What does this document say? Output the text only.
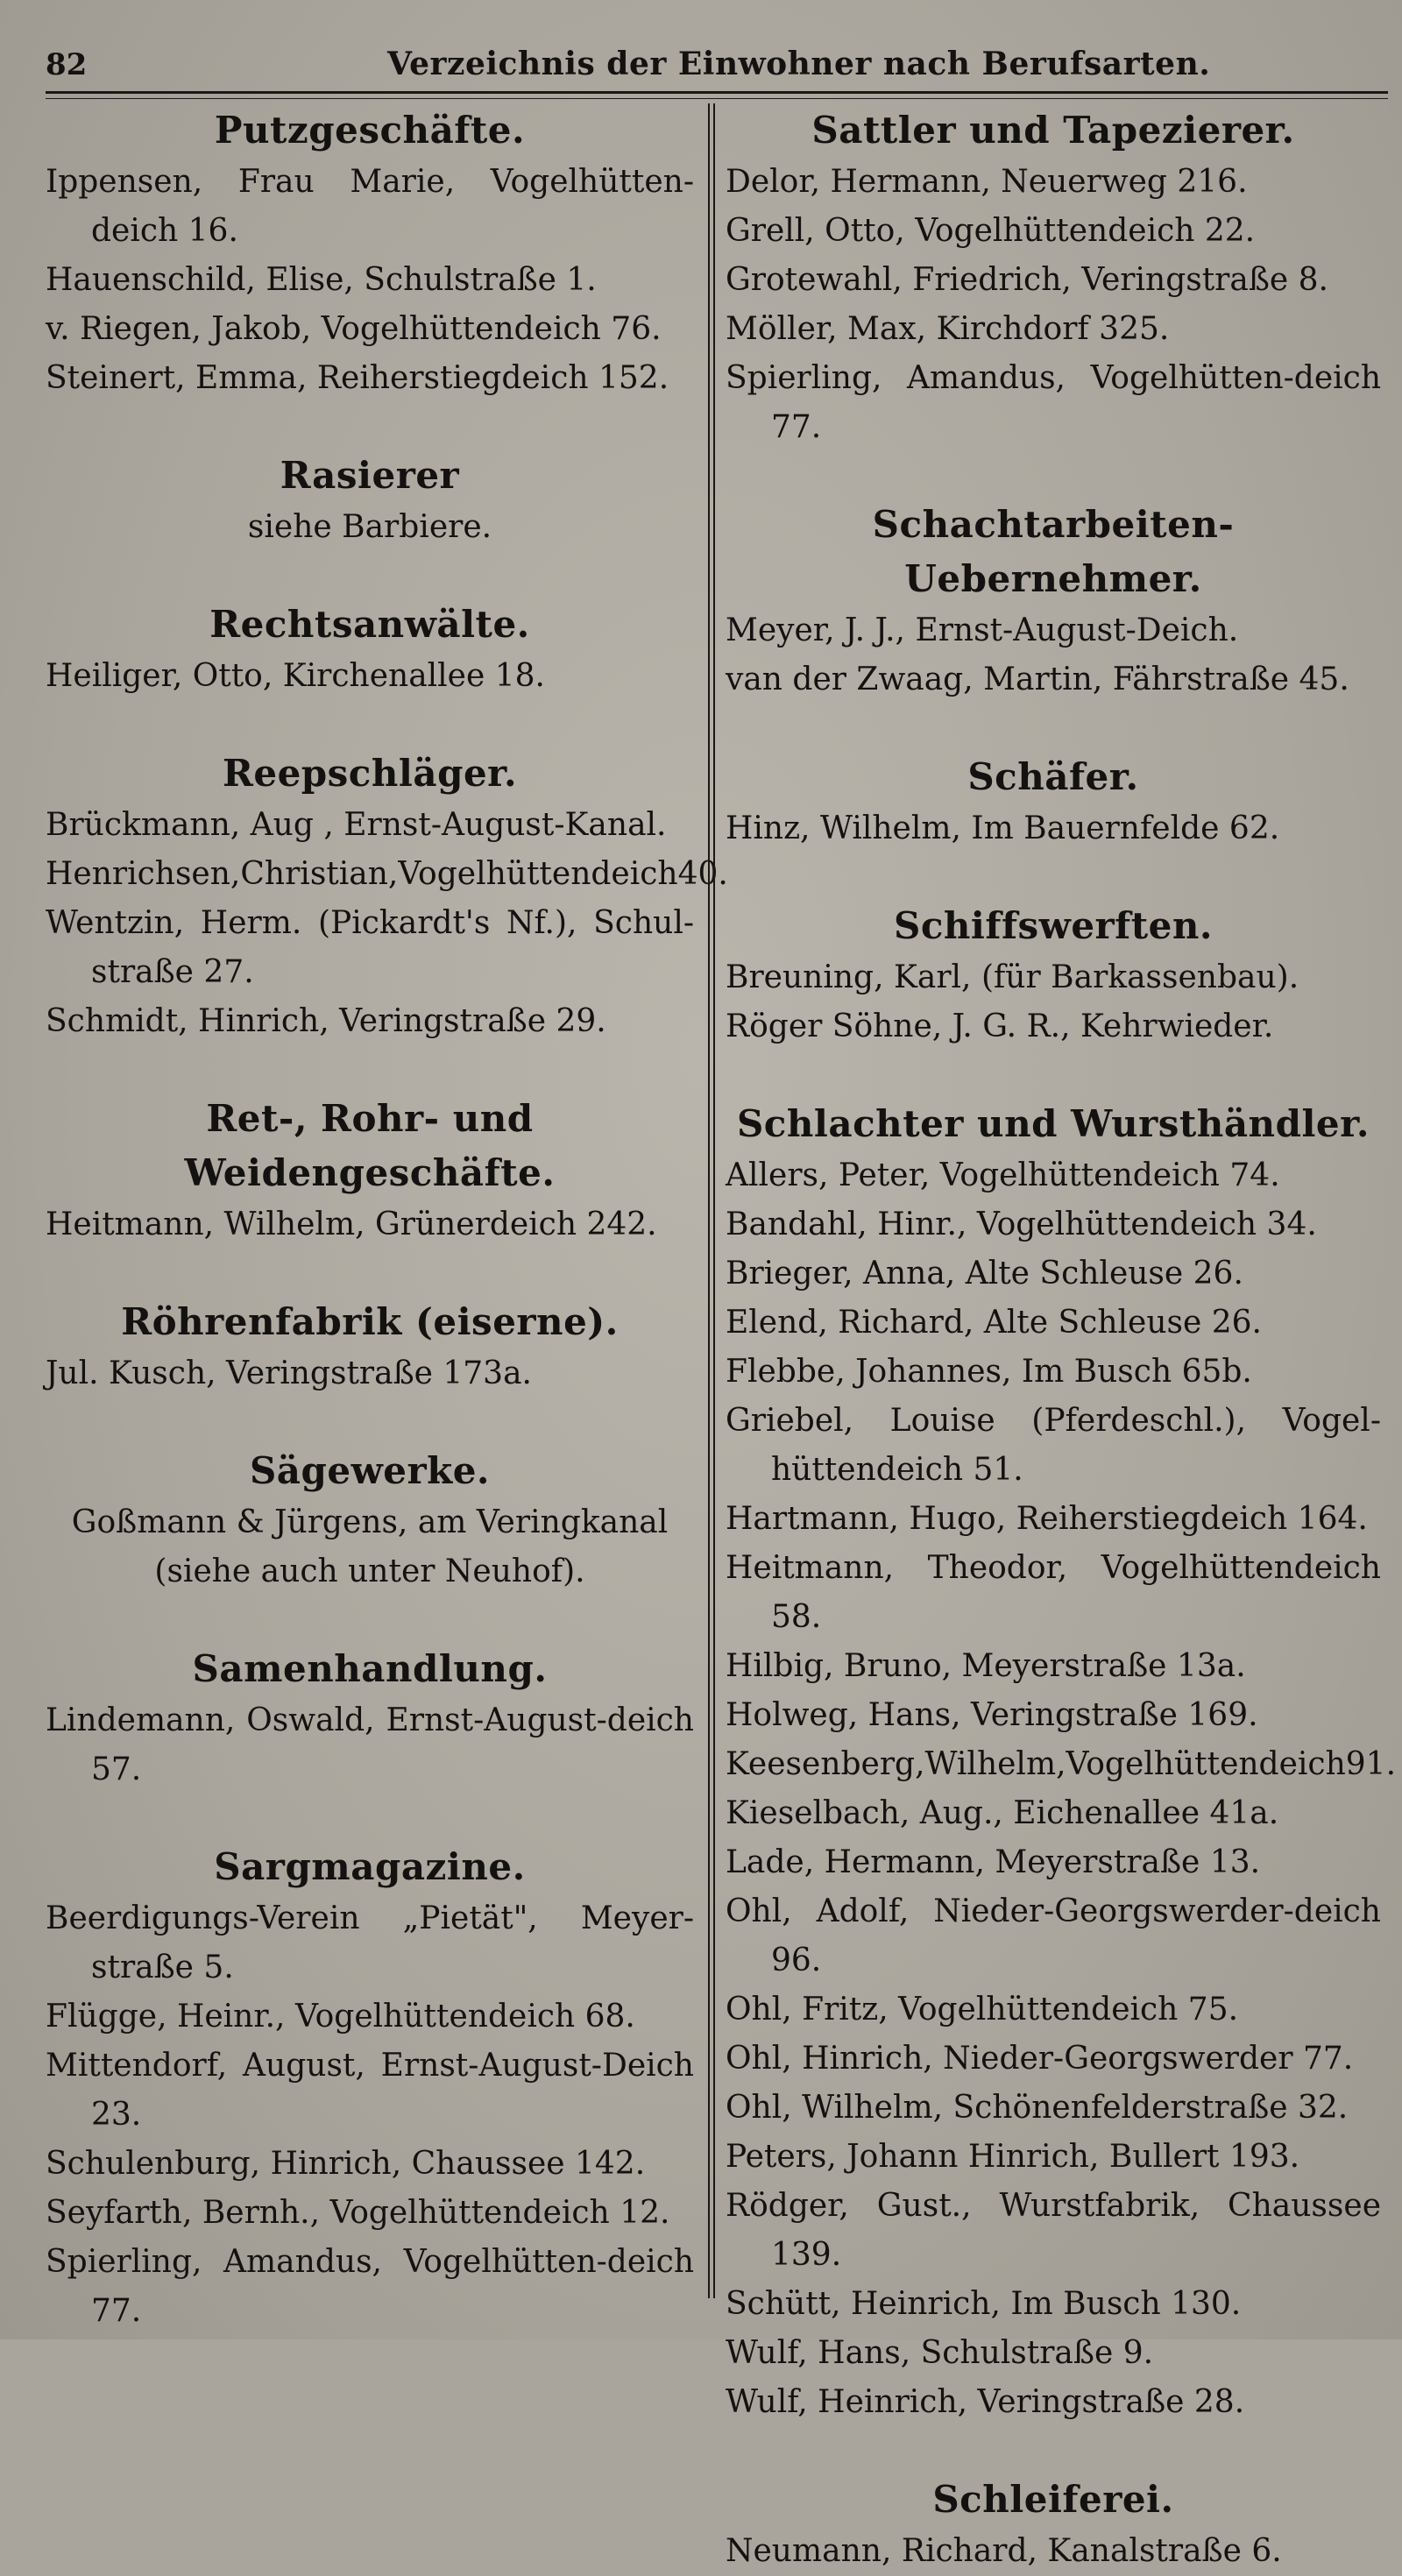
82	Verzeichnis der Einwohner nach Berufsarten.
Putzgeschäfte.
Ippensen, Frau Marie, Vogelhütten-deich 16.
Hauenschild, Elise, Schulstraße 1.
v. Riegen, Jakob, Vogelhüttendeich 76.
Steinert, Emma, Reiherstiegdeich 152.
Rasierer
siehe Barbiere.
Rechtsanwälte.
Heiliger, Otto, Kirchenallee 18.
Reepschläger.
Brückmann, Aug , Ernst-August-Kanal.
Henrichsen,Christian,Vogelhüttendeich40.
Wentzin, Herm. (Pickardt's Nf.), Schul-straße 27.
Schmidt, Hinrich, Veringstraße 29.
Ret-, Rohr- und Weidengeschäfte.
Heitmann, Wilhelm, Grünerdeich 242.
Röhrenfabrik (eiserne).
Jul. Kusch, Veringstraße 173a.
Sägewerke.
Goßmann & Jürgens, am Veringkanal (siehe auch unter Neuhof).
Samenhandlung.
Lindemann, Oswald, Ernst-August-deich 57.
Sargmagazine.
Beerdigungs-Verein „Pietät", Meyer-straße 5.
Flügge, Heinr., Vogelhüttendeich 68.
Mittendorf, August, Ernst-August-Deich 23.
Schulenburg, Hinrich, Chaussee 142.
Seyfarth, Bernh., Vogelhüttendeich 12.
Spierling, Amandus, Vogelhütten-deich 77.
Sattler und Tapezierer.
Delor, Hermann, Neuerweg 216.
Grell, Otto, Vogelhüttendeich 22.
Grotewahl, Friedrich, Veringstraße 8.
Möller, Max, Kirchdorf 325.
Spierling, Amandus, Vogelhütten-deich 77.
Schachtarbeiten-Uebernehmer.
Meyer, J. J., Ernst-August-Deich.
van der Zwaag, Martin, Fährstraße 45.
Schäfer.
Hinz, Wilhelm, Im Bauernfelde 62.
Schiffswerften.
Breuning, Karl, (für Barkassenbau).
Röger Söhne, J. G. R., Kehrwieder.
Schlachter und Wursthändler.
Allers, Peter, Vogelhüttendeich 74.
Bandahl, Hinr., Vogelhüttendeich 34.
Brieger, Anna, Alte Schleuse 26.
Elend, Richard, Alte Schleuse 26.
Flebbe, Johannes, Im Busch 65b.
Griebel, Louise (Pferdeschl.), Vogel-hüttendeich 51.
Hartmann, Hugo, Reiherstiegdeich 164.
Heitmann, Theodor, Vogelhüttendeich 58.
Hilbig, Bruno, Meyerstraße 13a.
Holweg, Hans, Veringstraße 169.
Keesenberg,Wilhelm,Vogelhüttendeich91.
Kieselbach, Aug., Eichenallee 41a.
Lade, Hermann, Meyerstraße 13.
Ohl, Adolf, Nieder-Georgswerder-deich 96.
Ohl, Fritz, Vogelhüttendeich 75.
Ohl, Hinrich, Nieder-Georgswerder 77.
Ohl, Wilhelm, Schönenfelderstraße 32.
Peters, Johann Hinrich, Bullert 193.
Rödger, Gust., Wurstfabrik, Chaussee 139.
Schütt, Heinrich, Im Busch 130.
Wulf, Hans, Schulstraße 9.
Wulf, Heinrich, Veringstraße 28.
Schleiferei.
Neumann, Richard, Kanalstraße 6.
